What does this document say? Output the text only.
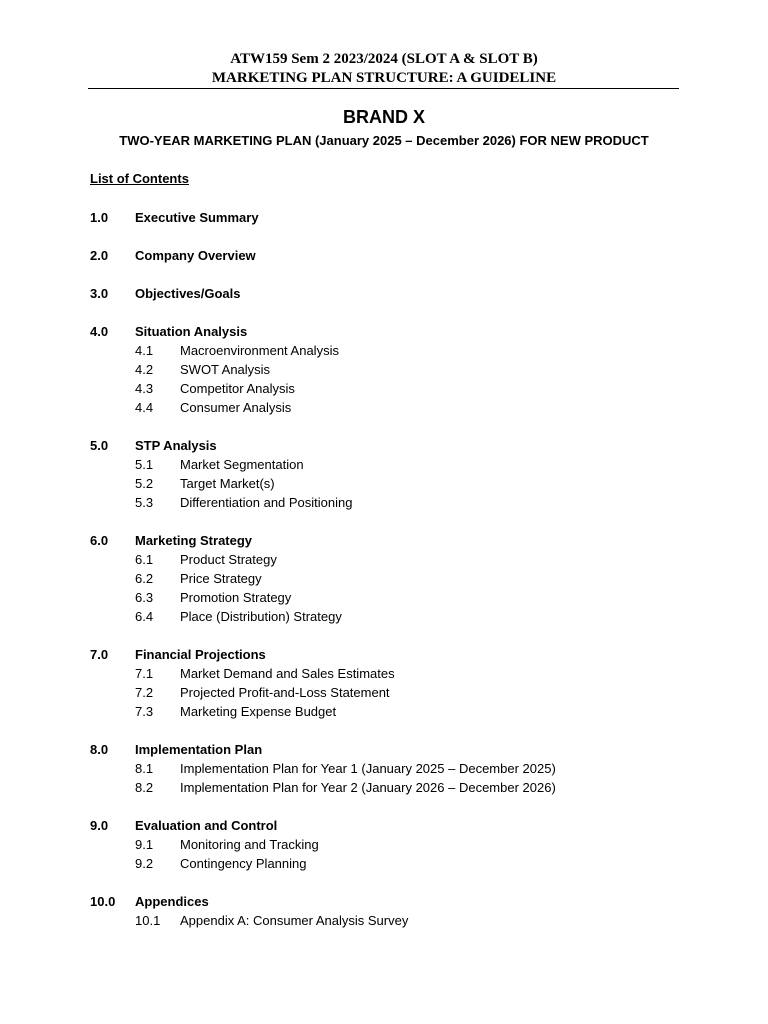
ATW159 Sem 2 2023/2024 (SLOT A & SLOT B)
MARKETING PLAN STRUCTURE: A GUIDELINE
BRAND X
TWO-YEAR MARKETING PLAN (January 2025 – December 2026) FOR NEW PRODUCT
List of Contents
1.0 Executive Summary
2.0 Company Overview
3.0 Objectives/Goals
4.0 Situation Analysis
4.1 Macroenvironment Analysis
4.2 SWOT Analysis
4.3 Competitor Analysis
4.4 Consumer Analysis
5.0 STP Analysis
5.1 Market Segmentation
5.2 Target Market(s)
5.3 Differentiation and Positioning
6.0 Marketing Strategy
6.1 Product Strategy
6.2 Price Strategy
6.3 Promotion Strategy
6.4 Place (Distribution) Strategy
7.0 Financial Projections
7.1 Market Demand and Sales Estimates
7.2 Projected Profit-and-Loss Statement
7.3 Marketing Expense Budget
8.0 Implementation Plan
8.1 Implementation Plan for Year 1 (January 2025 – December 2025)
8.2 Implementation Plan for Year 2 (January 2026 – December 2026)
9.0 Evaluation and Control
9.1 Monitoring and Tracking
9.2 Contingency Planning
10.0 Appendices
10.1 Appendix A: Consumer Analysis Survey
